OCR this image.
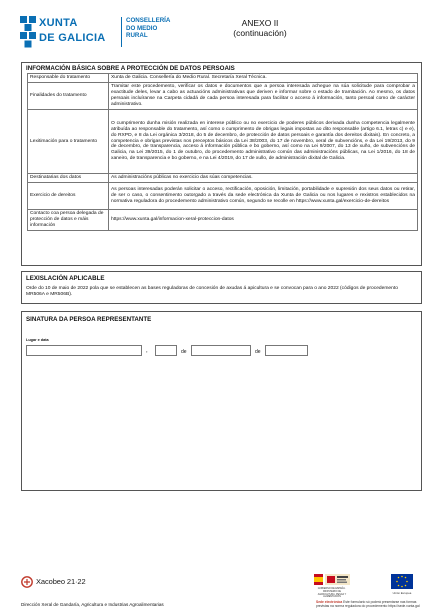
XUNTA
DE GALICIA
CONSELLERÍA
DO MEDIO
RURAL
ANEXO II
(continuación)
INFORMACIÓN BÁSICA SOBRE A PROTECCIÓN DE DATOS PERSOAIS
Responsable do tratamento	Xunta de Galicia. Consellería do Medio Rural. Secretaría Xeral Técnica.
Finalidades do tratamento	Tramitar este procedemento, verificar os datos e documentos que a persoa interesada achegue na súa solicitude para comprobar a exactitude deles, levar a cabo as actuacións administrativas que deriven e informar sobre o estado de tramitación. Ao mesmo, os datos persoais incluíranse na Carpeta cidadá de cada persoa interesada para facilitar o acceso á información, tanto persoal como de carácter administrativo.
Lexitimación para o tratamento	O cumprimento dunha misión realizada en interese público ou no exercicio de poderes públicos derivada dunha competencia legalmente atribuída ao responsable do tratamento, así como o cumprimento de obrigas legais impostas ao dito responsable (artigo 6.1, letras c) e e), do RXPD, e 8 da Lei orgánica 3/2018, do 5 de decembro, de protección de datos persoais e garantía dos dereitos dixitais). En concreto, a competencia e obrigas previstas nos preceptos básicos da Lei 38/2003, do 17 de novembro, xeral de subvencións, e da Lei 19/2013, do 9 de decembro, de transparencia, acceso á información pública e bo goberno, así como na Lei 9/2007, do 13 de xuño, de subvencións de Galicia, na Lei 39/2015, do 1 de outubro, do procedemento administrativo común das administracións públicas, na Lei 1/2016, do 18 de xaneiro, de transparencia e bo goberno, e na Lei 4/2019, do 17 de xullo, de administración dixital de Galicia.
Destinatarias dos datos	As administracións públicas no exercicio das súas competencias.
Exercicio de dereitos	As persoas interesadas poderán solicitar o acceso, rectificación, oposición, limitación, portabilidade e supresión dos seus datos ou retirar, de ser o caso, o consentimento outorgado a través da sede electrónica da Xunta de Galicia ou nos lugares e rexistros establecidos na normativa reguladora do procedemento administrativo común, segundo se recolle en https://www.xunta.gal/exercicio-de-dereitos
Contacto coa persoa delegada de protección de datos e máis información	https://www.xunta.gal/informacion-xeral-proteccion-datos
LEXISLACIÓN APLICABLE
Orde do 10 de maio de 2022 pola que se establecen as bases reguladoras de concesión de axudas á apicultura e se convocan para o ano 2022 (códigos de procedemento MR506A e MR506B).
SINATURA DA PERSOA REPRESENTANTE
Lugar e data
,	de	de
Xacobeo 21·22
Dirección Xeral de Gandaría, Agricultura e Industrias Agroalimentarias
GOBIERNO DE ESPAÑA · MINISTERIO DE AGRICULTURA, PESCA Y ALIMENTACIÓN
Unión Europea
Sede electrónica Este formulario só poderá presentarse nas formas previstas na norma reguladora do procedemento https://sede.xunta.gal
